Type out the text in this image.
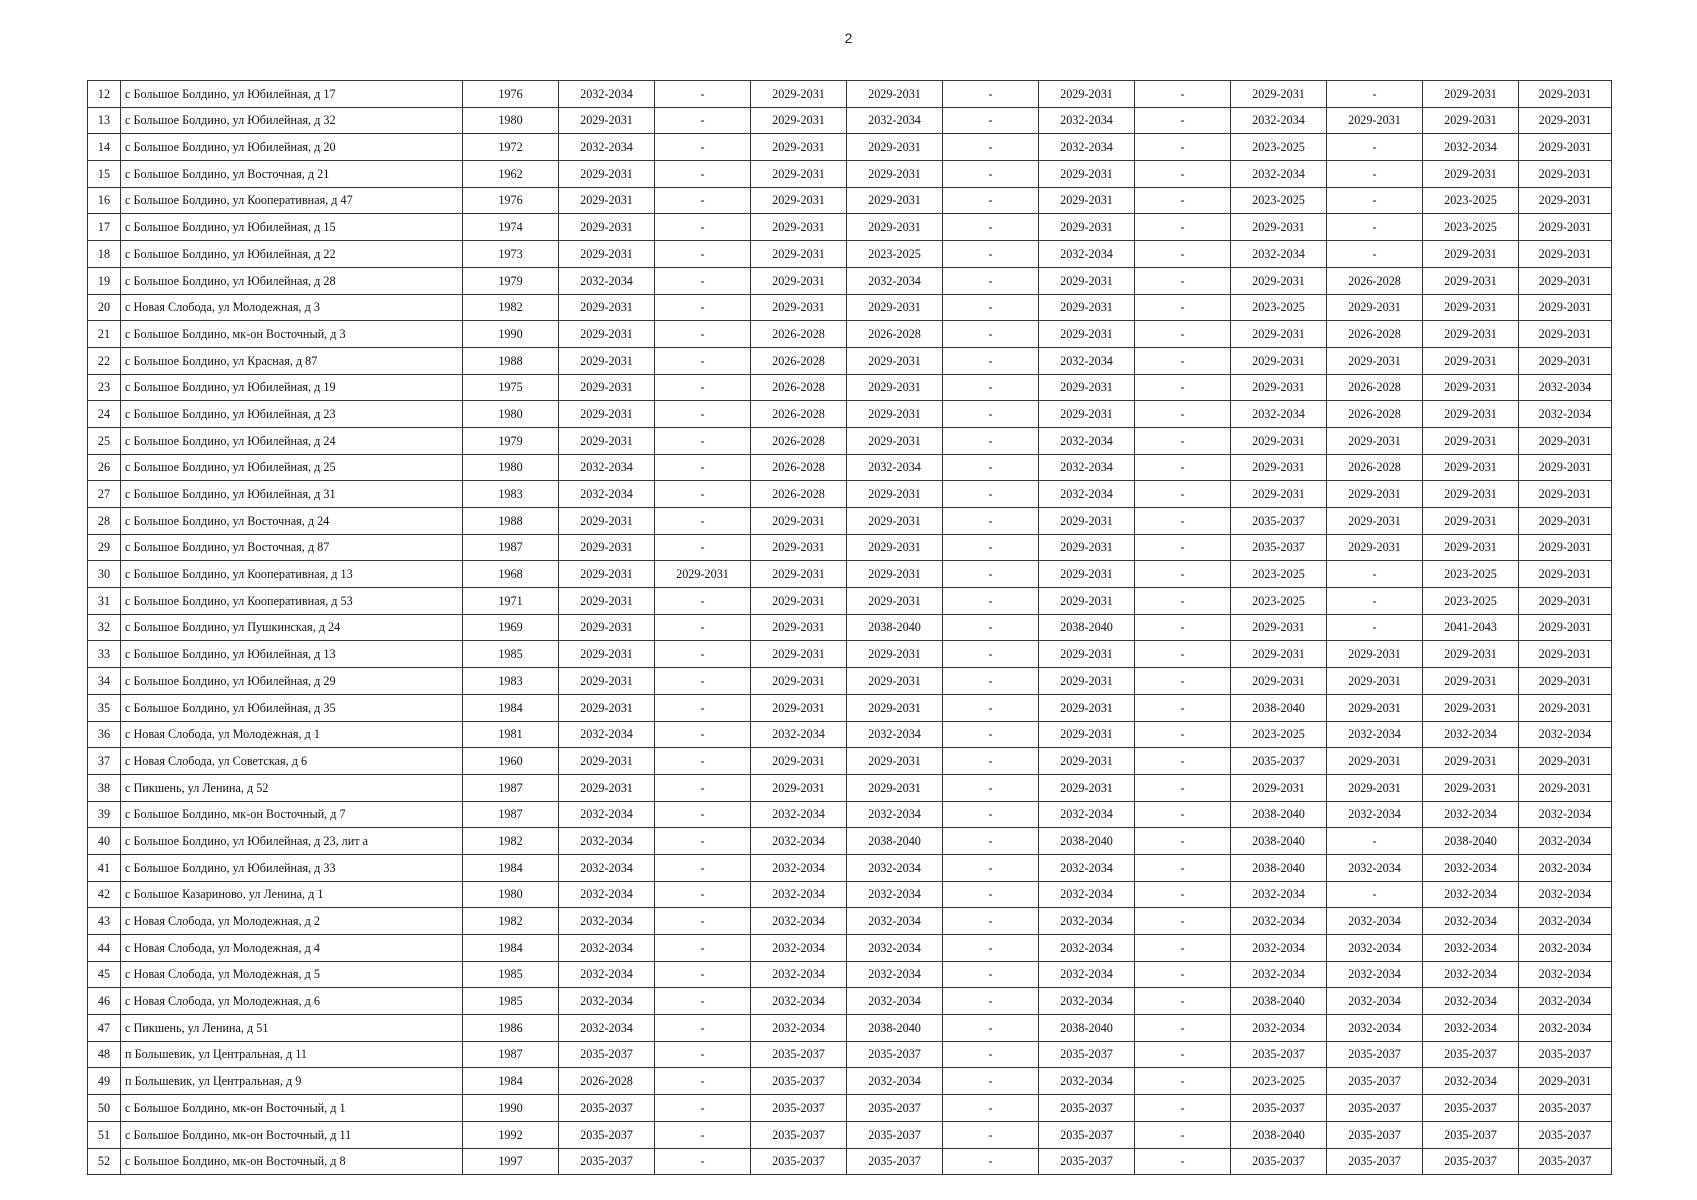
2
12	с Большое Болдино, ул Юбилейная, д 17	1976	2032-2034	-	2029-2031	2029-2031	-	2029-2031	-	2029-2031	-	2029-2031	2029-2031
13	с Большое Болдино, ул Юбилейная, д 32	1980	2029-2031	-	2029-2031	2032-2034	-	2032-2034	-	2032-2034	2029-2031	2029-2031	2029-2031
14	с Большое Болдино, ул Юбилейная, д 20	1972	2032-2034	-	2029-2031	2029-2031	-	2032-2034	-	2023-2025	-	2032-2034	2029-2031
15	с Большое Болдино, ул Восточная, д 21	1962	2029-2031	-	2029-2031	2029-2031	-	2029-2031	-	2032-2034	-	2029-2031	2029-2031
16	с Большое Болдино, ул Кооперативная, д 47	1976	2029-2031	-	2029-2031	2029-2031	-	2029-2031	-	2023-2025	-	2023-2025	2029-2031
17	с Большое Болдино, ул Юбилейная, д 15	1974	2029-2031	-	2029-2031	2029-2031	-	2029-2031	-	2029-2031	-	2023-2025	2029-2031
18	с Большое Болдино, ул Юбилейная, д 22	1973	2029-2031	-	2029-2031	2023-2025	-	2032-2034	-	2032-2034	-	2029-2031	2029-2031
19	с Большое Болдино, ул Юбилейная, д 28	1979	2032-2034	-	2029-2031	2032-2034	-	2029-2031	-	2029-2031	2026-2028	2029-2031	2029-2031
20	с Новая Слобода, ул Молодежная, д 3	1982	2029-2031	-	2029-2031	2029-2031	-	2029-2031	-	2023-2025	2029-2031	2029-2031	2029-2031
21	с Большое Болдино, мк-он Восточный, д 3	1990	2029-2031	-	2026-2028	2026-2028	-	2029-2031	-	2029-2031	2026-2028	2029-2031	2029-2031
22	с Большое Болдино, ул Красная, д 87	1988	2029-2031	-	2026-2028	2029-2031	-	2032-2034	-	2029-2031	2029-2031	2029-2031	2029-2031
23	с Большое Болдино, ул Юбилейная, д 19	1975	2029-2031	-	2026-2028	2029-2031	-	2029-2031	-	2029-2031	2026-2028	2029-2031	2032-2034
24	с Большое Болдино, ул Юбилейная, д 23	1980	2029-2031	-	2026-2028	2029-2031	-	2029-2031	-	2032-2034	2026-2028	2029-2031	2032-2034
25	с Большое Болдино, ул Юбилейная, д 24	1979	2029-2031	-	2026-2028	2029-2031	-	2032-2034	-	2029-2031	2029-2031	2029-2031	2029-2031
26	с Большое Болдино, ул Юбилейная, д 25	1980	2032-2034	-	2026-2028	2032-2034	-	2032-2034	-	2029-2031	2026-2028	2029-2031	2029-2031
27	с Большое Болдино, ул Юбилейная, д 31	1983	2032-2034	-	2026-2028	2029-2031	-	2032-2034	-	2029-2031	2029-2031	2029-2031	2029-2031
28	с Большое Болдино, ул Восточная, д 24	1988	2029-2031	-	2029-2031	2029-2031	-	2029-2031	-	2035-2037	2029-2031	2029-2031	2029-2031
29	с Большое Болдино, ул Восточная, д 87	1987	2029-2031	-	2029-2031	2029-2031	-	2029-2031	-	2035-2037	2029-2031	2029-2031	2029-2031
30	с Большое Болдино, ул Кооперативная, д 13	1968	2029-2031	2029-2031	2029-2031	2029-2031	-	2029-2031	-	2023-2025	-	2023-2025	2029-2031
31	с Большое Болдино, ул Кооперативная, д 53	1971	2029-2031	-	2029-2031	2029-2031	-	2029-2031	-	2023-2025	-	2023-2025	2029-2031
32	с Большое Болдино, ул Пушкинская, д 24	1969	2029-2031	-	2029-2031	2038-2040	-	2038-2040	-	2029-2031	-	2041-2043	2029-2031
33	с Большое Болдино, ул Юбилейная, д 13	1985	2029-2031	-	2029-2031	2029-2031	-	2029-2031	-	2029-2031	2029-2031	2029-2031	2029-2031
34	с Большое Болдино, ул Юбилейная, д 29	1983	2029-2031	-	2029-2031	2029-2031	-	2029-2031	-	2029-2031	2029-2031	2029-2031	2029-2031
35	с Большое Болдино, ул Юбилейная, д 35	1984	2029-2031	-	2029-2031	2029-2031	-	2029-2031	-	2038-2040	2029-2031	2029-2031	2029-2031
36	с Новая Слобода, ул Молодежная, д 1	1981	2032-2034	-	2032-2034	2032-2034	-	2029-2031	-	2023-2025	2032-2034	2032-2034	2032-2034
37	с Новая Слобода, ул Советская, д 6	1960	2029-2031	-	2029-2031	2029-2031	-	2029-2031	-	2035-2037	2029-2031	2029-2031	2029-2031
38	с Пикшень, ул Ленина, д 52	1987	2029-2031	-	2029-2031	2029-2031	-	2029-2031	-	2029-2031	2029-2031	2029-2031	2029-2031
39	с Большое Болдино, мк-он Восточный, д 7	1987	2032-2034	-	2032-2034	2032-2034	-	2032-2034	-	2038-2040	2032-2034	2032-2034	2032-2034
40	с Большое Болдино, ул Юбилейная, д 23, лит а	1982	2032-2034	-	2032-2034	2038-2040	-	2038-2040	-	2038-2040	-	2038-2040	2032-2034
41	с Большое Болдино, ул Юбилейная, д 33	1984	2032-2034	-	2032-2034	2032-2034	-	2032-2034	-	2038-2040	2032-2034	2032-2034	2032-2034
42	с Большое Казариново, ул Ленина, д 1	1980	2032-2034	-	2032-2034	2032-2034	-	2032-2034	-	2032-2034	-	2032-2034	2032-2034
43	с Новая Слобода, ул Молодежная, д 2	1982	2032-2034	-	2032-2034	2032-2034	-	2032-2034	-	2032-2034	2032-2034	2032-2034	2032-2034
44	с Новая Слобода, ул Молодежная, д 4	1984	2032-2034	-	2032-2034	2032-2034	-	2032-2034	-	2032-2034	2032-2034	2032-2034	2032-2034
45	с Новая Слобода, ул Молодежная, д 5	1985	2032-2034	-	2032-2034	2032-2034	-	2032-2034	-	2032-2034	2032-2034	2032-2034	2032-2034
46	с Новая Слобода, ул Молодежная, д 6	1985	2032-2034	-	2032-2034	2032-2034	-	2032-2034	-	2038-2040	2032-2034	2032-2034	2032-2034
47	с Пикшень, ул Ленина, д 51	1986	2032-2034	-	2032-2034	2038-2040	-	2038-2040	-	2032-2034	2032-2034	2032-2034	2032-2034
48	п Большевик, ул Центральная, д 11	1987	2035-2037	-	2035-2037	2035-2037	-	2035-2037	-	2035-2037	2035-2037	2035-2037	2035-2037
49	п Большевик, ул Центральная, д 9	1984	2026-2028	-	2035-2037	2032-2034	-	2032-2034	-	2023-2025	2035-2037	2032-2034	2029-2031
50	с Большое Болдино, мк-он Восточный, д 1	1990	2035-2037	-	2035-2037	2035-2037	-	2035-2037	-	2035-2037	2035-2037	2035-2037	2035-2037
51	с Большое Болдино, мк-он Восточный, д 11	1992	2035-2037	-	2035-2037	2035-2037	-	2035-2037	-	2038-2040	2035-2037	2035-2037	2035-2037
52	с Большое Болдино, мк-он Восточный, д 8	1997	2035-2037	-	2035-2037	2035-2037	-	2035-2037	-	2035-2037	2035-2037	2035-2037	2035-2037
